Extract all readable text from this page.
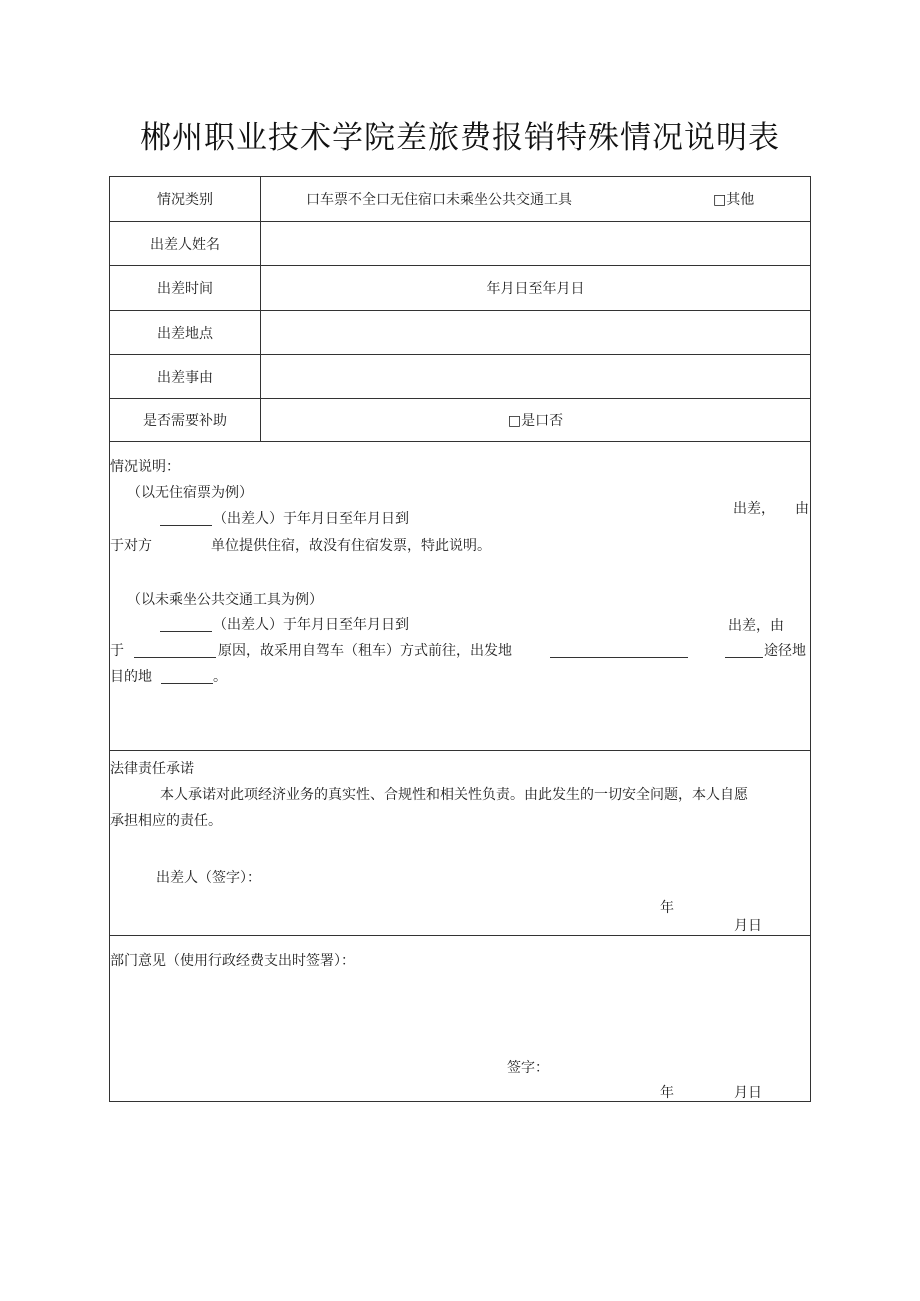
郴州职业技术学院差旅费报销特殊情况说明表
情况类别	口车票不全口无住宿口未乘坐公共交通工具	□其他
出差人姓名
出差时间	年月日至年月日
出差地点
出差事由
是否需要补助	□是口否
情况说明：
（以无住宿票为例）
（出差人）于年月日至年月日到
出差， 由
于对方	单位提供住宿，故没有住宿发票，特此说明。
（以未乘坐公共交通工具为例）
（出差人）于年月日至年月日到	出差，由
于	原因，故采用自驾车（租车）方式前往，出发地	途径地
目的地	。
法律责任承诺
本人承诺对此项经济业务的真实性、合规性和相关性负责。由此发生的一切安全问题，本人自愿
承担相应的责任。
出差人（签字）：
年
月日
部门意见（使用行政经费支出时签署）：
签字：
年	月日
